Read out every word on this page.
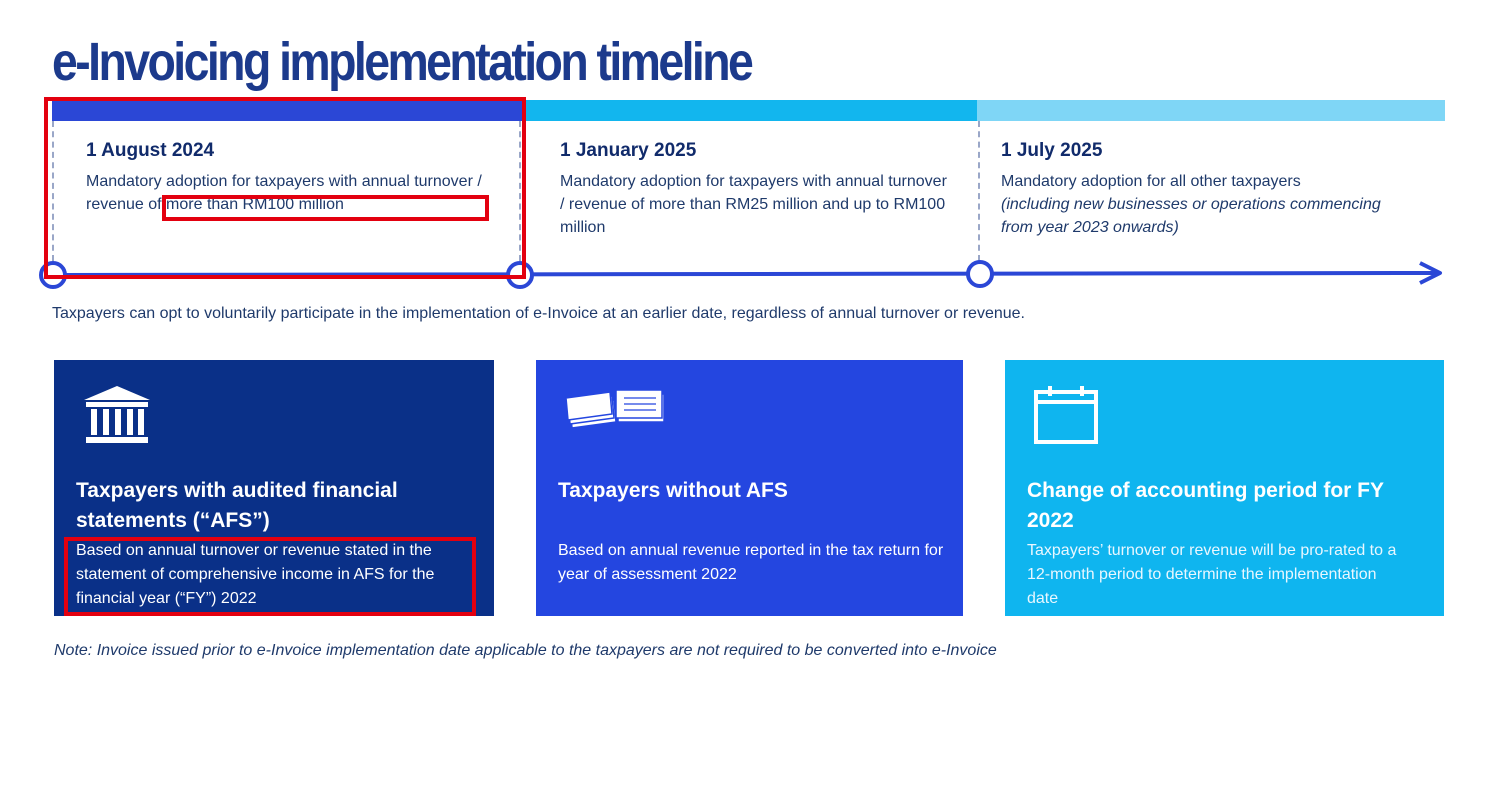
e-Invoicing implementation timeline
1 August 2024
Mandatory adoption for taxpayers with annual turnover / revenue of more than RM100 million
1 January 2025
Mandatory adoption for taxpayers with annual turnover / revenue of more than RM25 million and up to RM100 million
1 July 2025
Mandatory adoption for all other taxpayers
(including new businesses or operations commencing from year 2023 onwards)
Taxpayers can opt to voluntarily participate in the implementation of e-Invoice at an earlier date, regardless of annual turnover or revenue.
Taxpayers with audited financial statements (“AFS”)
Based on annual turnover or revenue stated in the statement of comprehensive income in AFS for the financial year (“FY”) 2022
Taxpayers without AFS
Based on annual revenue reported in the tax return for year of assessment 2022
Change of accounting period for FY 2022
Taxpayers’ turnover or revenue will be pro-rated to a 12-month period to determine the implementation date
Note: Invoice issued prior to e-Invoice implementation date applicable to the taxpayers are not required to be converted into e-Invoice
